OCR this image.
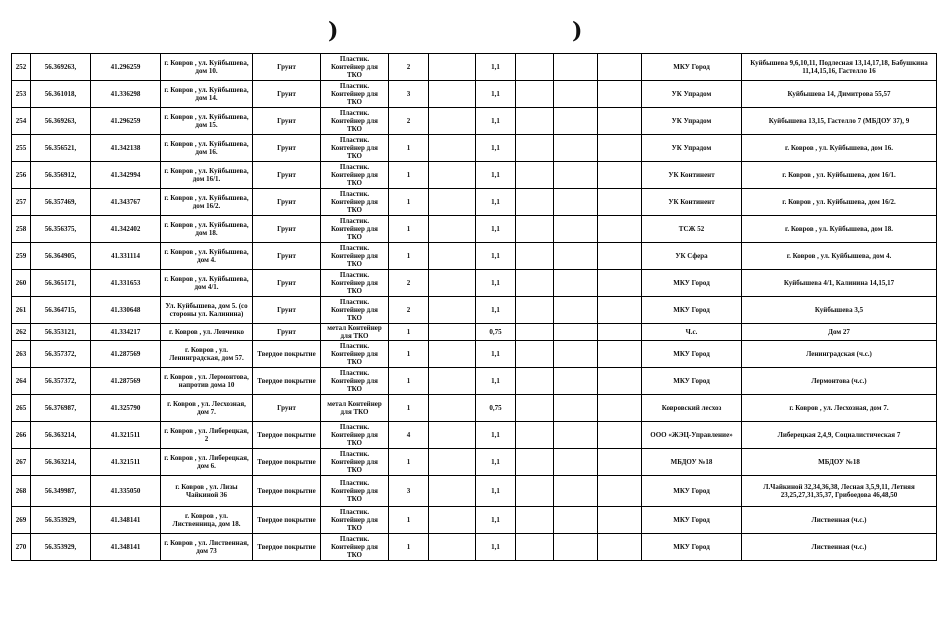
)	)
252	56.369263,	41.296259	г. Ковров , ул. Куйбышева, дом 10.	Грунт	Пластик. Контейнер для ТКО	2		1,1				МКУ Город	Куйбышева 9,6,10,11, Подлесная 13,14,17,18, Бабушкина 11,14,15,16, Гастелло 16
253	56.361018,	41.336298	г. Ковров , ул. Куйбышева, дом 14.	Грунт	Пластик. Контейнер для ТКО	3		1,1				УК Упрадом	Куйбышева 14, Димитрова 55,57
254	56.369263,	41.296259	г. Ковров , ул. Куйбышева, дом 15.	Грунт	Пластик. Контейнер для ТКО	2		1,1				УК Упрадом	Куйбышева 13,15, Гастелло 7 (МБДОУ 37), 9
255	56.356521,	41.342138	г. Ковров , ул. Куйбышева, дом 16.	Грунт	Пластик. Контейнер для ТКО	1		1,1				УК Упрадом	г. Ковров , ул. Куйбышева, дом 16.
256	56.356912,	41.342994	г. Ковров , ул. Куйбышева, дом 16/1.	Грунт	Пластик. Контейнер для ТКО	1		1,1				УК Континент	г. Ковров , ул. Куйбышева, дом 16/1.
257	56.357469,	41.343767	г. Ковров , ул. Куйбышева, дом 16/2.	Грунт	Пластик. Контейнер для ТКО	1		1,1				УК Континент	г. Ковров , ул. Куйбышева, дом 16/2.
258	56.356375,	41.342402	г. Ковров , ул. Куйбышева, дом 18.	Грунт	Пластик. Контейнер для ТКО	1		1,1				ТСЖ 52	г. Ковров , ул. Куйбышева, дом 18.
259	56.364905,	41.331114	г. Ковров , ул. Куйбышева, дом 4.	Грунт	Пластик. Контейнер для ТКО	1		1,1				УК Сфера	г. Ковров , ул. Куйбышева, дом 4.
260	56.365171,	41.331653	г. Ковров , ул. Куйбышева, дом 4/1.	Грунт	Пластик. Контейнер для ТКО	2		1,1				МКУ Город	Куйбышева 4/1, Калинина 14,15,17
261	56.364715,	41.330648	Ул. Куйбышева, дом 5. (со стороны ул. Калинина)	Грунт	Пластик. Контейнер для ТКО	2		1,1				МКУ Город	Куйбышева 3,5
262	56.353121,	41.334217	г. Ковров , ул. Левченко	Грунт	метал Контейнер для ТКО	1		0,75				Ч.с.	Дом 27
263	56.357372,	41.287569	г. Ковров , ул. Ленинградская, дом 57.	Твердое покрытие	Пластик. Контейнер для ТКО	1		1,1				МКУ Город	Ленинградская (ч.с.)
264	56.357372,	41.287569	г. Ковров , ул. Лермонтова, напротив дома 10	Твердое покрытие	Пластик. Контейнер для ТКО	1		1,1				МКУ Город	Лермонтова (ч.с.)
265	56.376987,	41.325790	г. Ковров , ул. Лесхозная, дом 7.	Грунт	метал Контейнер для ТКО	1		0,75				Ковровский лесхоз	г. Ковров , ул. Лесхозная, дом 7.
266	56.363214,	41.321511	г. Ковров , ул. Либерецкая, 2	Твердое покрытие	Пластик. Контейнер для ТКО	4		1,1				ООО «ЖЭЦ-Управление»	Либерецкая 2,4,9, Социалистическая 7
267	56.363214,	41.321511	г. Ковров , ул. Либерецкая, дом 6.	Твердое покрытие	Пластик. Контейнер для ТКО	1		1,1				МБДОУ №18	МБДОУ №18
268	56.349987,	41.335050	г. Ковров , ул. Лизы Чайкиной 36	Твердое покрытие	Пластик. Контейнер для ТКО	3		1,1				МКУ Город	Л.Чайкиной 32,34,36,38, Лесная 3,5,9,11, Летняя 23,25,27,31,35,37, Грибоедова 46,48,50
269	56.353929,	41.348141	г. Ковров , ул. Лиственница, дом 18.	Твердое покрытие	Пластик. Контейнер для ТКО	1		1,1				МКУ Город	Лиственная (ч.с.)
270	56.353929,	41.348141	г. Ковров , ул. Лиственная, дом 73	Твердое покрытие	Пластик. Контейнер для ТКО	1		1,1				МКУ Город	Лиственная (ч.с.)
